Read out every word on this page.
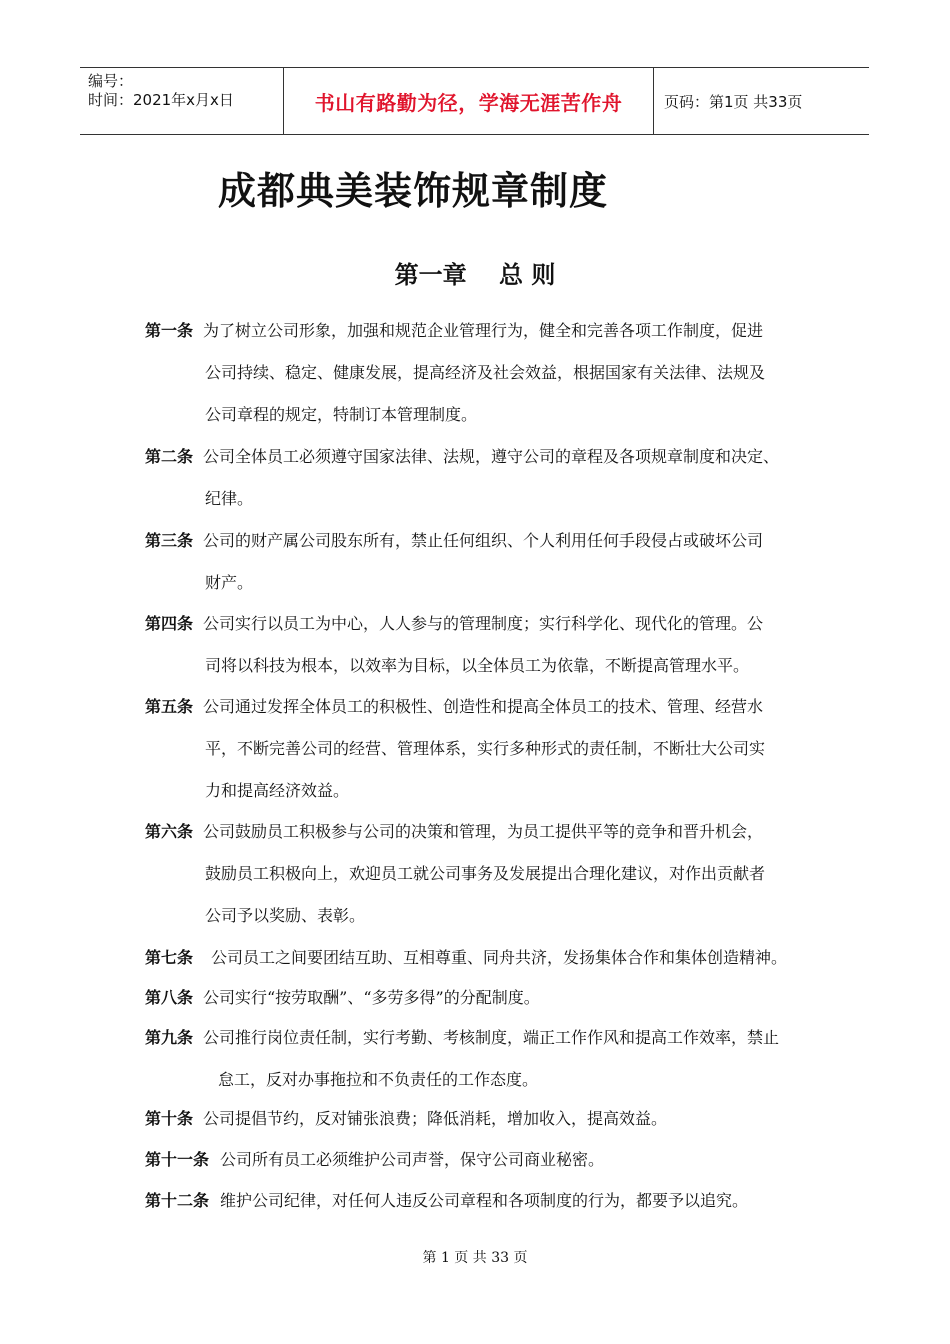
编号：
时间：2021年x月x日	书山有路勤为径，学海无涯苦作舟	页码：第1页 共33页
成都典美装饰规章制度
第一章　 总 则
第一条 为了树立公司形象，加强和规范企业管理行为，健全和完善各项工作制度，促进
公司持续、稳定、健康发展，提高经济及社会效益，根据国家有关法律、法规及
公司章程的规定，特制订本管理制度。
第二条 公司全体员工必须遵守国家法律、法规，遵守公司的章程及各项规章制度和决定、
纪律。
第三条 公司的财产属公司股东所有，禁止任何组织、个人利用任何手段侵占或破坏公司
财产。
第四条 公司实行以员工为中心，人人参与的管理制度；实行科学化、现代化的管理。公
司将以科技为根本，以效率为目标，以全体员工为依靠，不断提高管理水平。
第五条 公司通过发挥全体员工的积极性、创造性和提高全体员工的技术、管理、经营水
平，不断完善公司的经营、管理体系，实行多种形式的责任制，不断壮大公司实
力和提高经济效益。
第六条 公司鼓励员工积极参与公司的决策和管理，为员工提供平等的竞争和晋升机会，
鼓励员工积极向上，欢迎员工就公司事务及发展提出合理化建议，对作出贡献者
公司予以奖励、表彰。
第七条 公司员工之间要团结互助、互相尊重、同舟共济，发扬集体合作和集体创造精神。
第八条 公司实行“按劳取酬”、“多劳多得”的分配制度。
第九条 公司推行岗位责任制，实行考勤、考核制度，端正工作作风和提高工作效率，禁止
怠工，反对办事拖拉和不负责任的工作态度。
第十条 公司提倡节约，反对铺张浪费；降低消耗，增加收入，提高效益。
第十一条 公司所有员工必须维护公司声誉，保守公司商业秘密。
第十二条 维护公司纪律，对任何人违反公司章程和各项制度的行为，都要予以追究。
第 1 页 共 33 页
